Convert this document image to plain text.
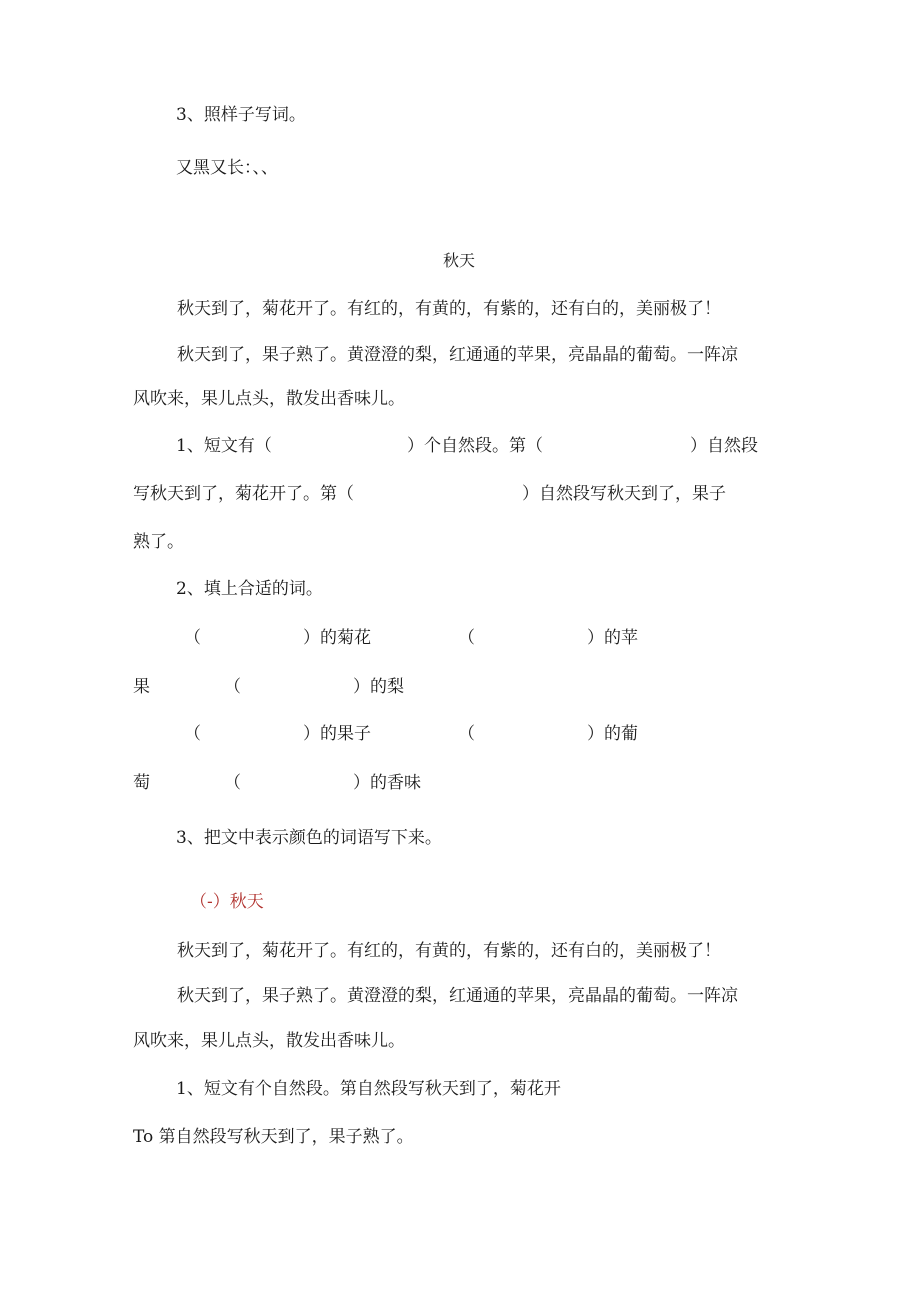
3、照样子写词。

又黑又长：、、

秋天

秋天到了，菊花开了。有红的，有黄的，有紫的，还有白的，美丽极了！

秋天到了，果子熟了。黄澄澄的梨，红通通的苹果，亮晶晶的葡萄。一阵凉

风吹来，果儿点头，散发出香味儿。

1、短文有（	）个自然段。第（	）自然段

写秋天到了，菊花开了。第（	）自然段写秋天到了，果子

熟了。

2、填上合适的词。

（	）的菊花	（	）的苹

果	（	）的梨

（	）的果子	（	）的葡

萄	（	）的香味

3、把文中表示颜色的词语写下来。

（-）秋天

秋天到了，菊花开了。有红的，有黄的，有紫的，还有白的，美丽极了！

秋天到了，果子熟了。黄澄澄的梨，红通通的苹果，亮晶晶的葡萄。一阵凉

风吹来，果儿点头，散发出香味儿。

1、短文有个自然段。第自然段写秋天到了，菊花开

To 第自然段写秋天到了，果子熟了。
